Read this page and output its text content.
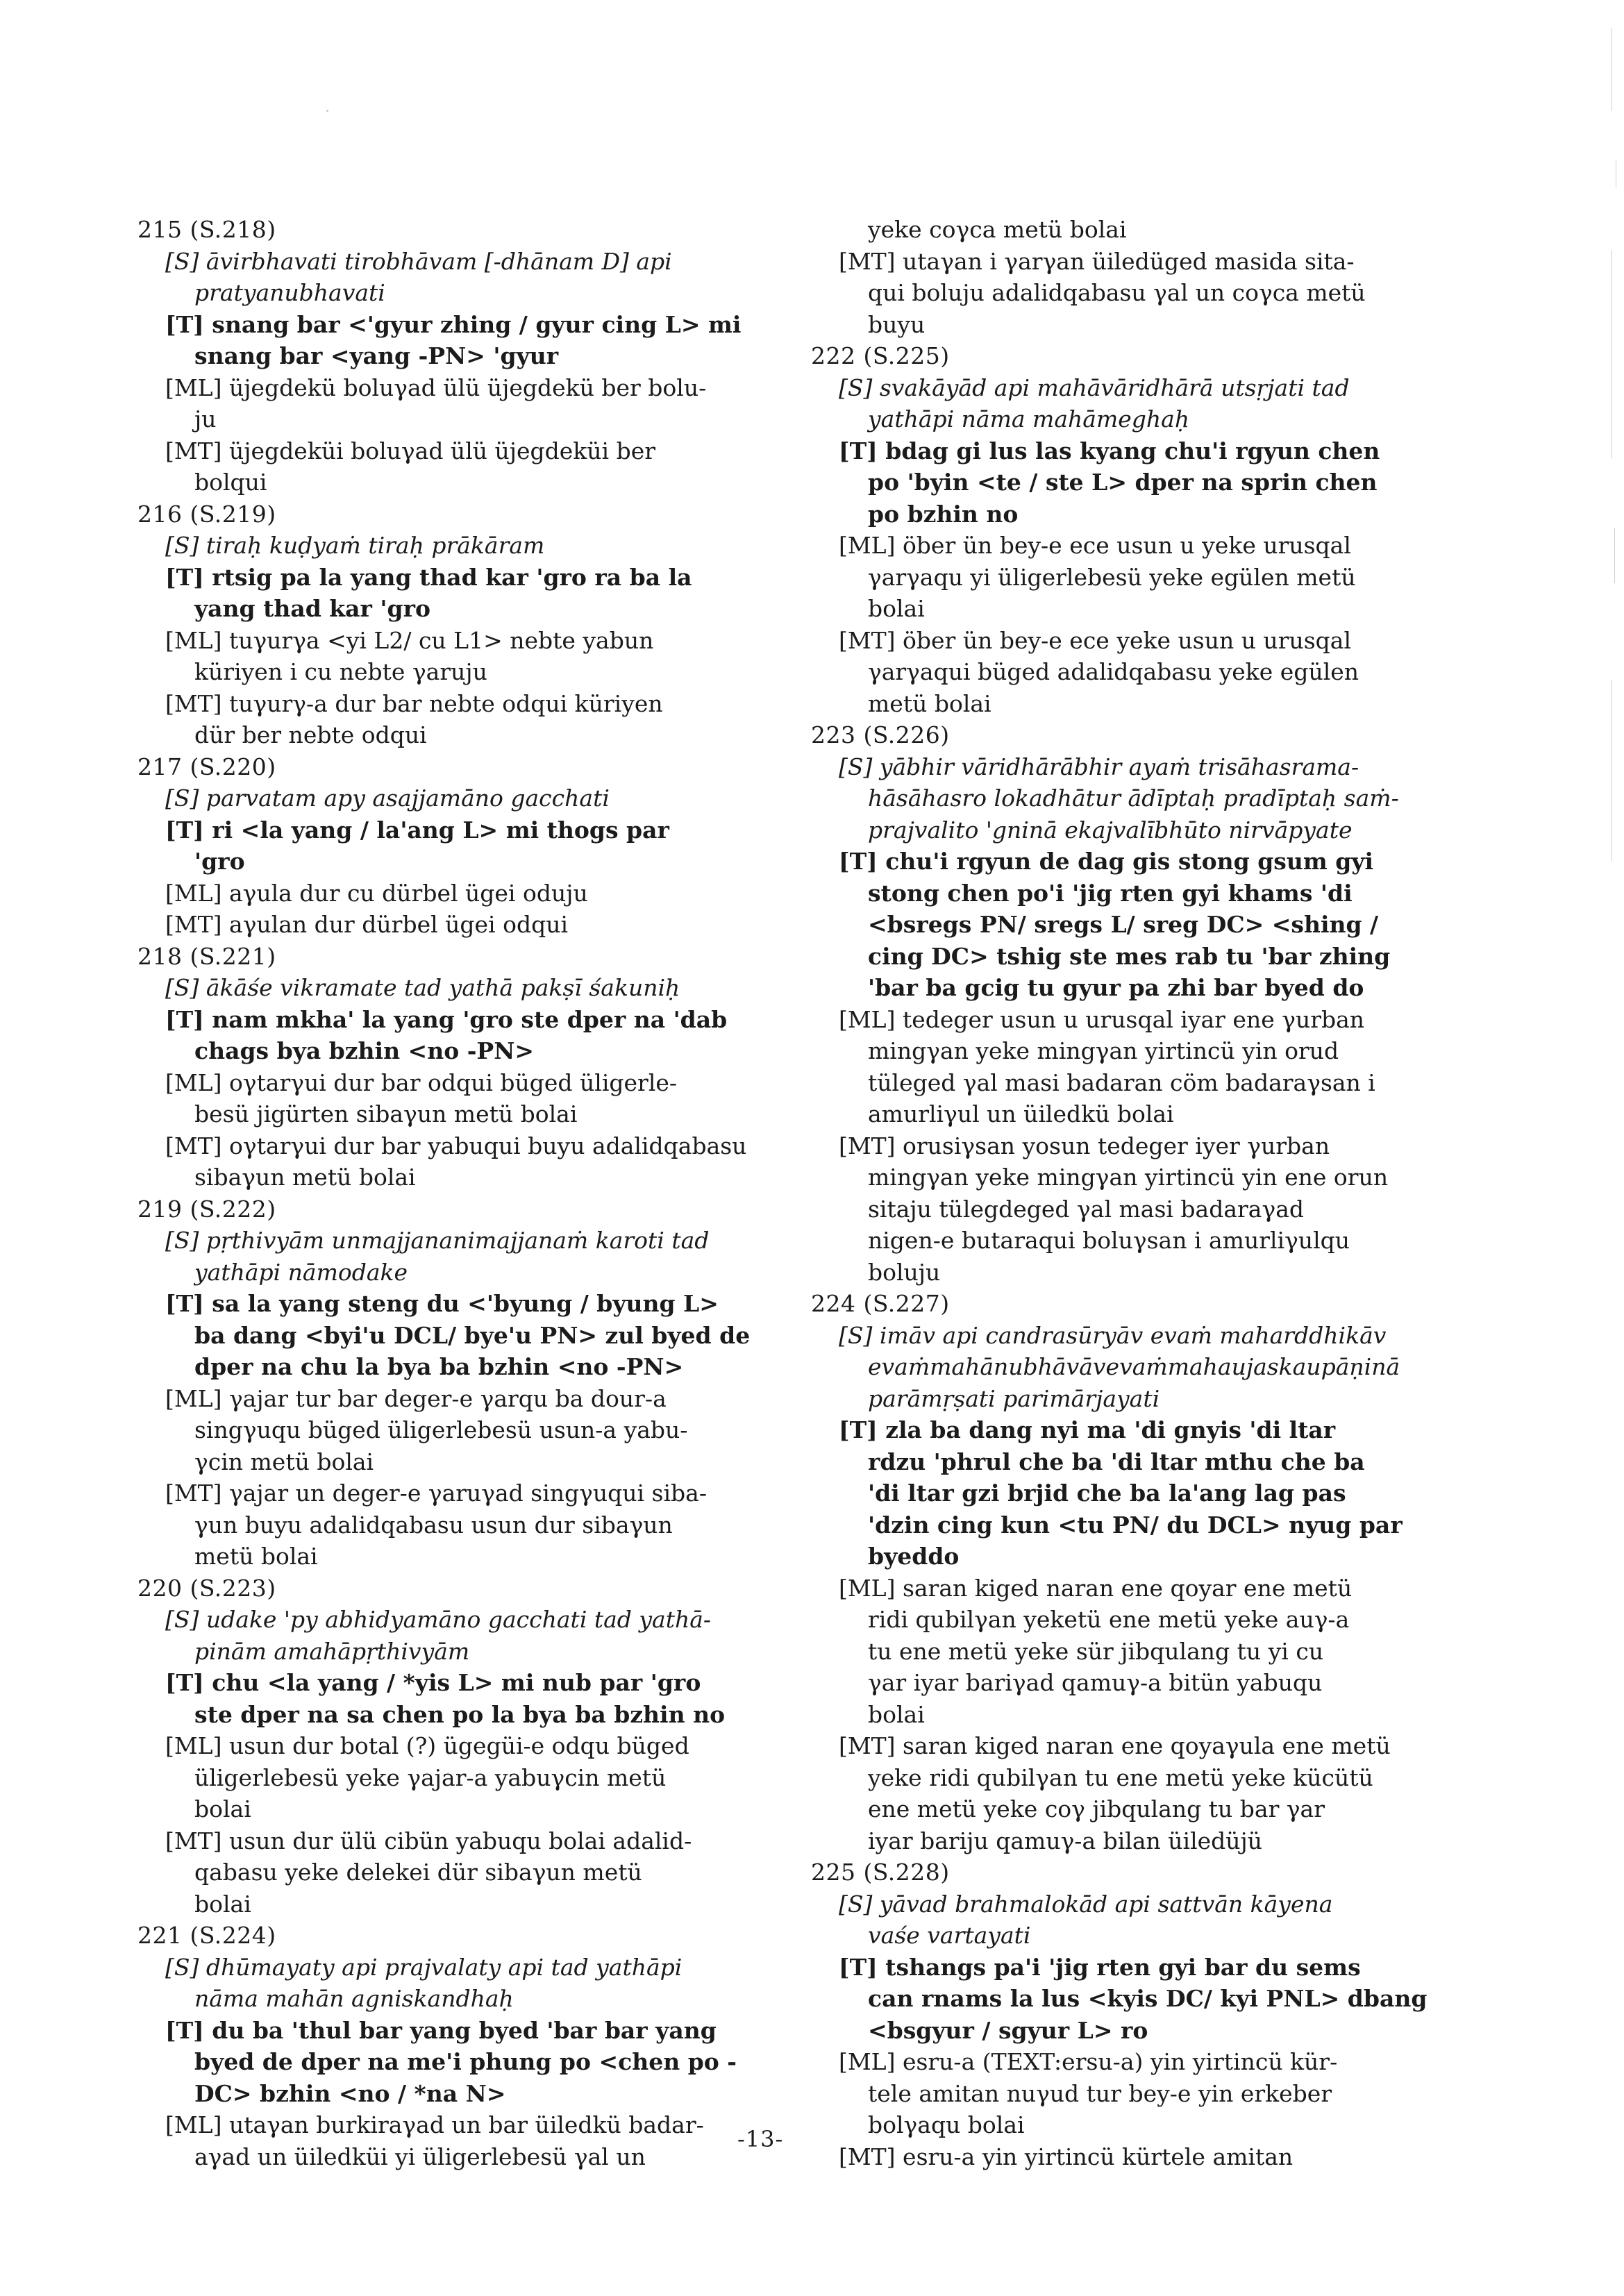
215 (S.218)
[S] āvirbhavati tirobhāvam [-dhānam D] api
pratyanubhavati
[T] snang bar <'gyur zhing / gyur cing L> mi
snang bar <yang -PN> 'gyur
[ML] üjegdekü boluγad ülü üjegdekü ber bolu-
ju
[MT] üjegdeküi boluγad ülü üjegdeküi ber
bolqui
216 (S.219)
[S] tiraḥ kuḍyaṁ tiraḥ prākāram
[T] rtsig pa la yang thad kar 'gro ra ba la
yang thad kar 'gro
[ML] tuγurγa <yi L2/ cu L1> nebte yabun
küriyen i cu nebte γaruju
[MT] tuγurγ-a dur bar nebte odqui küriyen
dür ber nebte odqui
217 (S.220)
[S] parvatam apy asajjamāno gacchati
[T] ri <la yang / la'ang L> mi thogs par
'gro
[ML] aγula dur cu dürbel ügei oduju
[MT] aγulan dur dürbel ügei odqui
218 (S.221)
[S] ākāśe vikramate tad yathā pakṣī śakuniḥ
[T] nam mkha' la yang 'gro ste dper na 'dab
chags bya bzhin <no -PN>
[ML] oγtarγui dur bar odqui büged üligerle-
besü jigürten sibaγun metü bolai
[MT] oγtarγui dur bar yabuqui buyu adalidqabasu
sibaγun metü bolai
219 (S.222)
[S] pṛthivyām unmajjananimajjanaṁ karoti tad
yathāpi nāmodake
[T] sa la yang steng du <'byung / byung L>
ba dang <byi'u DCL/ bye'u PN> zul byed de
dper na chu la bya ba bzhin <no -PN>
[ML] γajar tur bar deger-e γarqu ba dour-a
singγuqu büged üligerlebesü usun-a yabu-
γcin metü bolai
[MT] γajar un deger-e γaruγad singγuqui siba-
γun buyu adalidqabasu usun dur sibaγun
metü bolai
220 (S.223)
[S] udake 'py abhidyamāno gacchati tad yathā-
pinām amahāpṛthivyām
[T] chu <la yang / *yis L> mi nub par 'gro
ste dper na sa chen po la bya ba bzhin no
[ML] usun dur botal (?) ügegüi-e odqu büged
üligerlebesü yeke γajar-a yabuγcin metü
bolai
[MT] usun dur ülü cibün yabuqu bolai adalid-
qabasu yeke delekei dür sibaγun metü
bolai
221 (S.224)
[S] dhūmayaty api prajvalaty api tad yathāpi
nāma mahān agniskandhaḥ
[T] du ba 'thul bar yang byed 'bar bar yang
byed de dper na me'i phung po <chen po -
DC> bzhin <no / *na N>
[ML] utaγan burkiraγad un bar üiledkü badar-
aγad un üiledküi yi üligerlebesü γal un
yeke coγca metü bolai
[MT] utaγan i γarγan üiledüged masida sita-
qui boluju adalidqabasu γal un coγca metü
buyu
222 (S.225)
[S] svakāyād api mahāvāridhārā utsṛjati tad
yathāpi nāma mahāmeghaḥ
[T] bdag gi lus las kyang chu'i rgyun chen
po 'byin <te / ste L> dper na sprin chen
po bzhin no
[ML] öber ün bey-e ece usun u yeke urusqal
γarγaqu yi üligerlebesü yeke egülen metü
bolai
[MT] öber ün bey-e ece yeke usun u urusqal
γarγaqui büged adalidqabasu yeke egülen
metü bolai
223 (S.226)
[S] yābhir vāridhārābhir ayaṁ trisāhasrama-
hāsāhasro lokadhātur ādīptaḥ pradīptaḥ saṁ-
prajvalito 'gninā ekajvalībhūto nirvāpyate
[T] chu'i rgyun de dag gis stong gsum gyi
stong chen po'i 'jig rten gyi khams 'di
<bsregs PN/ sregs L/ sreg DC> <shing /
cing DC> tshig ste mes rab tu 'bar zhing
'bar ba gcig tu gyur pa zhi bar byed do
[ML] tedeger usun u urusqal iyar ene γurban
mingγan yeke mingγan yirtincü yin orud
tüleged γal masi badaran cöm badaraγsan i
amurliγul un üiledkü bolai
[MT] orusiγsan yosun tedeger iyer γurban
mingγan yeke mingγan yirtincü yin ene orun
sitaju tülegdeged γal masi badaraγad
nigen-e butaraqui boluγsan i amurliγulqu
boluju
224 (S.227)
[S] imāv api candrasūryāv evaṁ maharddhikāv
evaṁmahānubhāvāvevaṁmahaujaskaupāṇinā
parāmṛṣati parimārjayati
[T] zla ba dang nyi ma 'di gnyis 'di ltar
rdzu 'phrul che ba 'di ltar mthu che ba
'di ltar gzi brjid che ba la'ang lag pas
'dzin cing kun <tu PN/ du DCL> nyug par
byeddo
[ML] saran kiged naran ene qoyar ene metü
ridi qubilγan yeketü ene metü yeke auγ-a
tu ene metü yeke sür jibqulang tu yi cu
γar iyar bariγad qamuγ-a bitün yabuqu
bolai
[MT] saran kiged naran ene qoyaγula ene metü
yeke ridi qubilγan tu ene metü yeke kücütü
ene metü yeke coγ jibqulang tu bar γar
iyar bariju qamuγ-a bilan üiledüjü
225 (S.228)
[S] yāvad brahmalokād api sattvān kāyena
vaśe vartayati
[T] tshangs pa'i 'jig rten gyi bar du sems
can rnams la lus <kyis DC/ kyi PNL> dbang
<bsgyur / sgyur L> ro
[ML] esru-a (TEXT:ersu-a) yin yirtincü kür-
tele amitan nuγud tur bey-e yin erkeber
bolγaqu bolai
[MT] esru-a yin yirtincü kürtele amitan
-13-
